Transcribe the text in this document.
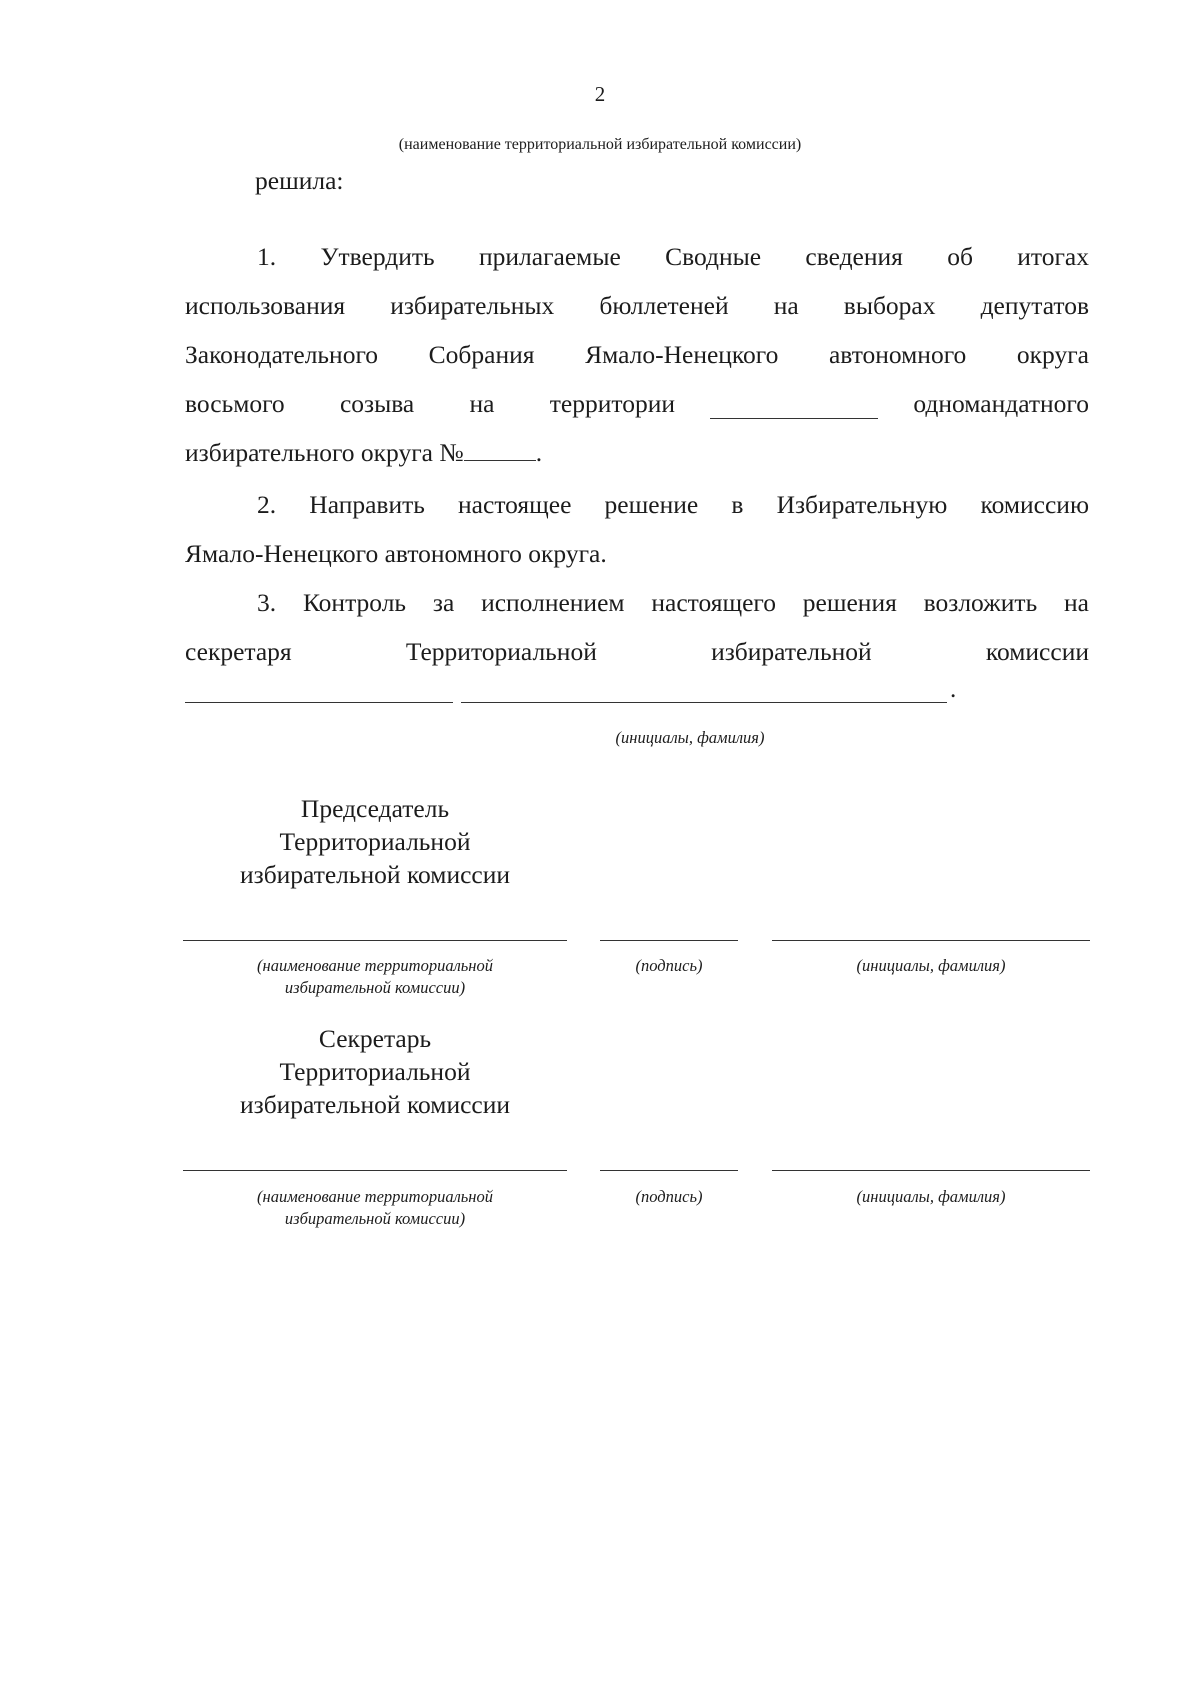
2
(наименование территориальной избирательной комиссии)
решила:
1. Утвердить прилагаемые Сводные сведения об итогах
использования избирательных бюллетеней на выборах депутатов
Законодательного Собрания Ямало-Ненецкого автономного округа
восьмого созыва на территории	одномандатного
избирательного округа №	.
2. Направить настоящее решение в Избирательную комиссию
Ямало-Ненецкого автономного округа.
3. Контроль за исполнением настоящего решения возложить на
секретаря Территориальной избирательной комиссии
.
(инициалы, фамилия)
Председатель
Территориальной
избирательной комиссии
(наименование территориальной
избирательной комиссии)
(подпись)	(инициалы, фамилия)
Секретарь
Территориальной
избирательной комиссии
(наименование территориальной
избирательной комиссии)
(подпись)	(инициалы, фамилия)
